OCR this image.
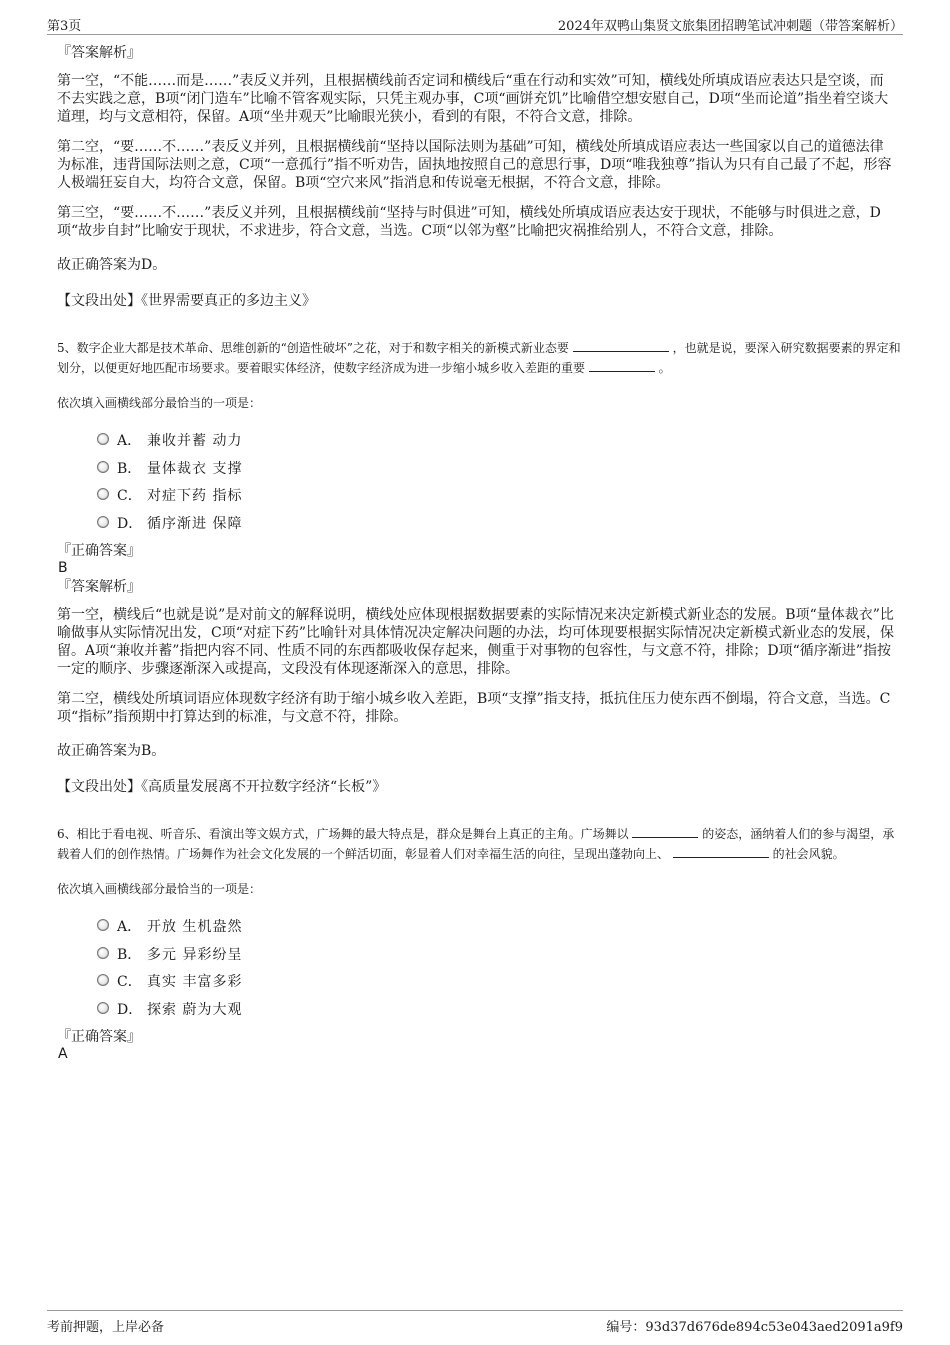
第3页	2024年双鸭山集贤文旅集团招聘笔试冲刺题（带答案解析）
『答案解析』
第一空，“不能……而是……”表反义并列，且根据横线前否定词和横线后“重在行动和实效”可知，横线处所填成语应表达只是空谈，而不去实践之意，B项“闭门造车”比喻不管客观实际，只凭主观办事，C项“画饼充饥”比喻借空想安慰自己，D项“坐而论道”指坐着空谈大道理，均与文意相符，保留。A项“坐井观天”比喻眼光狭小，看到的有限，不符合文意，排除。
第二空，“要……不……”表反义并列，且根据横线前“坚持以国际法则为基础”可知，横线处所填成语应表达一些国家以自己的道德法律为标准，违背国际法则之意，C项“一意孤行”指不听劝告，固执地按照自己的意思行事，D项“唯我独尊”指认为只有自己最了不起，形容人极端狂妄自大，均符合文意，保留。B项“空穴来风”指消息和传说毫无根据，不符合文意，排除。
第三空，“要……不……”表反义并列，且根据横线前“坚持与时俱进”可知，横线处所填成语应表达安于现状，不能够与时俱进之意，D项“故步自封”比喻安于现状，不求进步，符合文意，当选。C项“以邻为壑”比喻把灾祸推给别人，不符合文意，排除。
故正确答案为D。
【文段出处】《世界需要真正的多边主义》
5、数字企业大都是技术革命、思维创新的“创造性破坏”之花，对于和数字相关的新模式新业态要	，也就是说，要深入研究数据要素的界定和划分，以便更好地匹配市场要求。要着眼实体经济，使数字经济成为进一步缩小城乡收入差距的重要	。
依次填入画横线部分最恰当的一项是：
A． 兼收并蓄 动力
B． 量体裁衣 支撑
C． 对症下药 指标
D． 循序渐进 保障
『正确答案』
B
『答案解析』
第一空，横线后“也就是说”是对前文的解释说明，横线处应体现根据数据要素的实际情况来决定新模式新业态的发展。B项“量体裁衣”比喻做事从实际情况出发，C项“对症下药”比喻针对具体情况决定解决问题的办法，均可体现要根据实际情况决定新模式新业态的发展，保留。A项“兼收并蓄”指把内容不同、性质不同的东西都吸收保存起来，侧重于对事物的包容性，与文意不符，排除；D项“循序渐进”指按一定的顺序、步骤逐渐深入或提高，文段没有体现逐渐深入的意思，排除。
第二空，横线处所填词语应体现数字经济有助于缩小城乡收入差距，B项“支撑”指支持，抵抗住压力使东西不倒塌，符合文意，当选。C项“指标”指预期中打算达到的标准，与文意不符，排除。
故正确答案为B。
【文段出处】《高质量发展离不开拉数字经济“长板”》
6、相比于看电视、听音乐、看演出等文娱方式，广场舞的最大特点是，群众是舞台上真正的主角。广场舞以	的姿态，涵纳着人们的参与渴望，承载着人们的创作热情。广场舞作为社会文化发展的一个鲜活切面，彰显着人们对幸福生活的向往，呈现出蓬勃向上、	的社会风貌。
依次填入画横线部分最恰当的一项是：
A． 开放 生机盎然
B． 多元 异彩纷呈
C． 真实 丰富多彩
D． 探索 蔚为大观
『正确答案』
A
考前押题，上岸必备	编号：93d37d676de894c53e043aed2091a9f9
